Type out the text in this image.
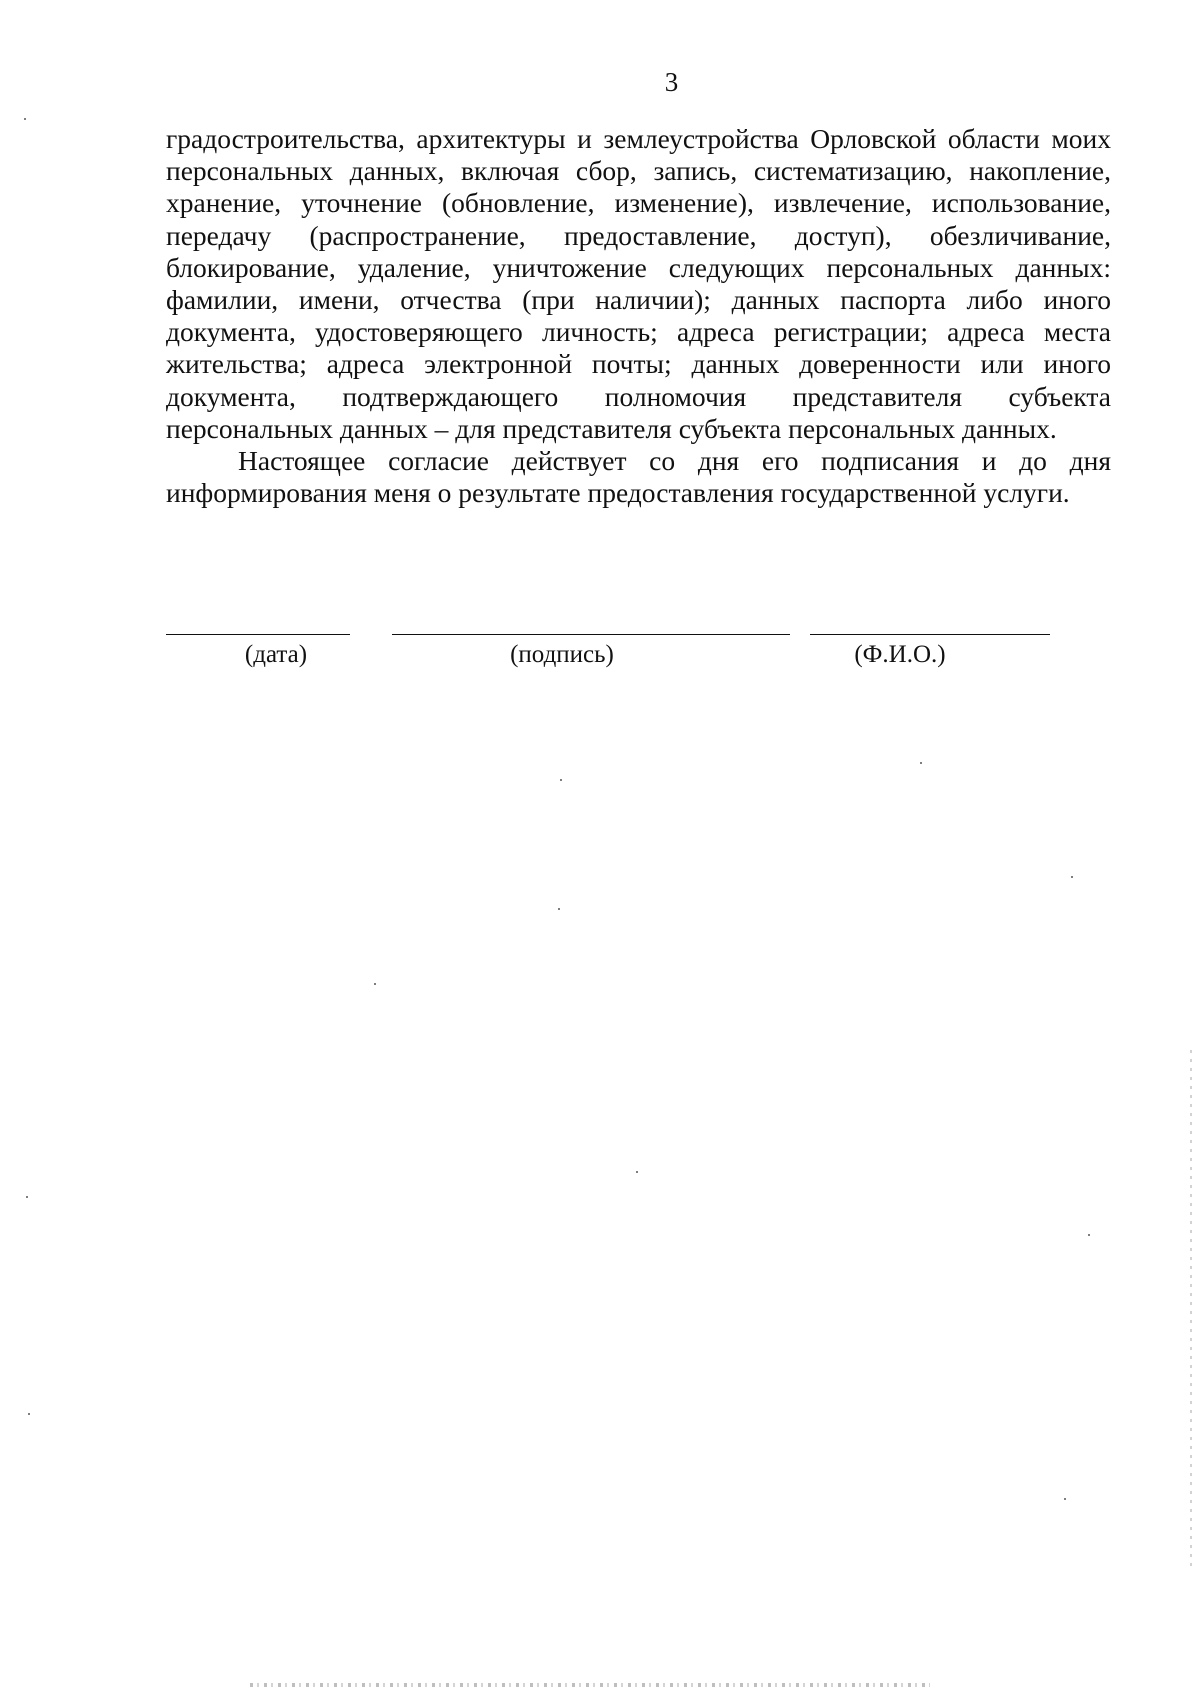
3

градостроительства, архитектуры и землеустройства Орловской области моих персональных данных, включая сбор, запись, систематизацию, накопление, хранение, уточнение (обновление, изменение), извлечение, использование, передачу (распространение, предоставление, доступ), обезличивание, блокирование, удаление, уничтожение следующих персональных данных: фамилии, имени, отчества (при наличии); данных паспорта либо иного документа, удостоверяющего личность; адреса регистрации; адреса места жительства; адреса электронной почты; данных доверенности или иного документа, подтверждающего полномочия представителя субъекта персональных данных – для представителя субъекта персональных данных.

Настоящее согласие действует со дня его подписания и до дня информирования меня о результате предоставления государственной услуги.

(дата)	(подпись)	(Ф.И.О.)
